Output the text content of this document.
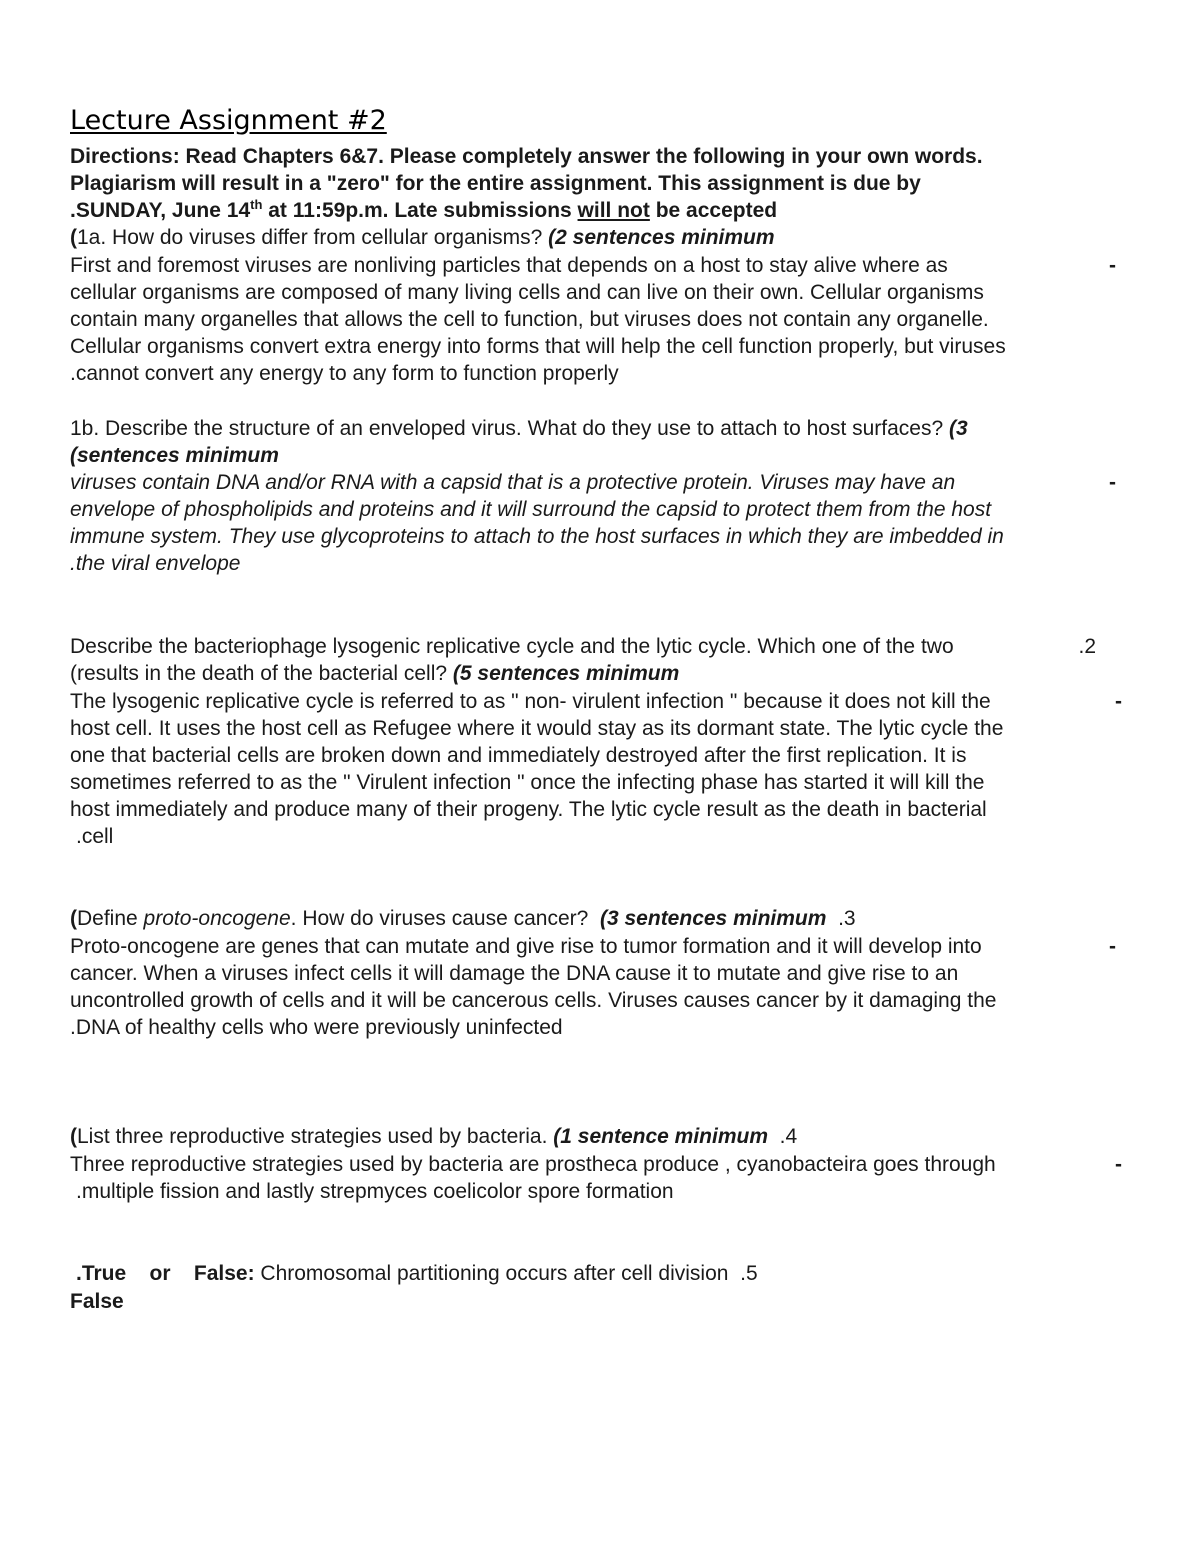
Lecture Assignment #2
Directions: Read Chapters 6&7. Please completely answer the following in your own words.
Plagiarism will result in a "zero" for the entire assignment. This assignment is due by
.SUNDAY, June 14th at 11:59p.m. Late submissions will not be accepted
(1a. How do viruses differ from cellular organisms? (2 sentences minimum
First and foremost viruses are nonliving particles that depends on a host to stay alive where as	-
cellular organisms are composed of many living cells and can live on their own. Cellular organisms
contain many organelles that allows the cell to function, but viruses does not contain any organelle.
Cellular organisms convert extra energy into forms that will help the cell function properly, but viruses
.cannot convert any energy to any form to function properly
1b. Describe the structure of an enveloped virus. What do they use to attach to host surfaces? (3
(sentences minimum
viruses contain DNA and/or RNA with a capsid that is a protective protein. Viruses may have an	-
envelope of phospholipids and proteins and it will surround the capsid to protect them from the host
immune system. They use glycoproteins to attach to the host surfaces in which they are imbedded in
.the viral envelope
Describe the bacteriophage lysogenic replicative cycle and the lytic cycle. Which one of the two	.2
(results in the death of the bacterial cell? (5 sentences minimum
The lysogenic replicative cycle is referred to as " non- virulent infection " because it does not kill the	-
host cell. It uses the host cell as Refugee where it would stay as its dormant state. The lytic cycle the
one that bacterial cells are broken down and immediately destroyed after the first replication. It is
sometimes referred to as the " Virulent infection " once the infecting phase has started it will kill the
host immediately and produce many of their progeny. The lytic cycle result as the death in bacterial
.cell
(Define proto-oncogene. How do viruses cause cancer?  (3 sentences minimum .3
Proto-oncogene are genes that can mutate and give rise to tumor formation and it will develop into	-
cancer. When a viruses infect cells it will damage the DNA cause it to mutate and give rise to an
uncontrolled growth of cells and it will be cancerous cells. Viruses causes cancer by it damaging the
.DNA of healthy cells who were previously uninfected
(List three reproductive strategies used by bacteria. (1 sentence minimum .4
Three reproductive strategies used by bacteria are prostheca produce , cyanobacteira goes through	-
.multiple fission and lastly strepmyces coelicolor spore formation
.True or False: Chromosomal partitioning occurs after cell division .5
False
